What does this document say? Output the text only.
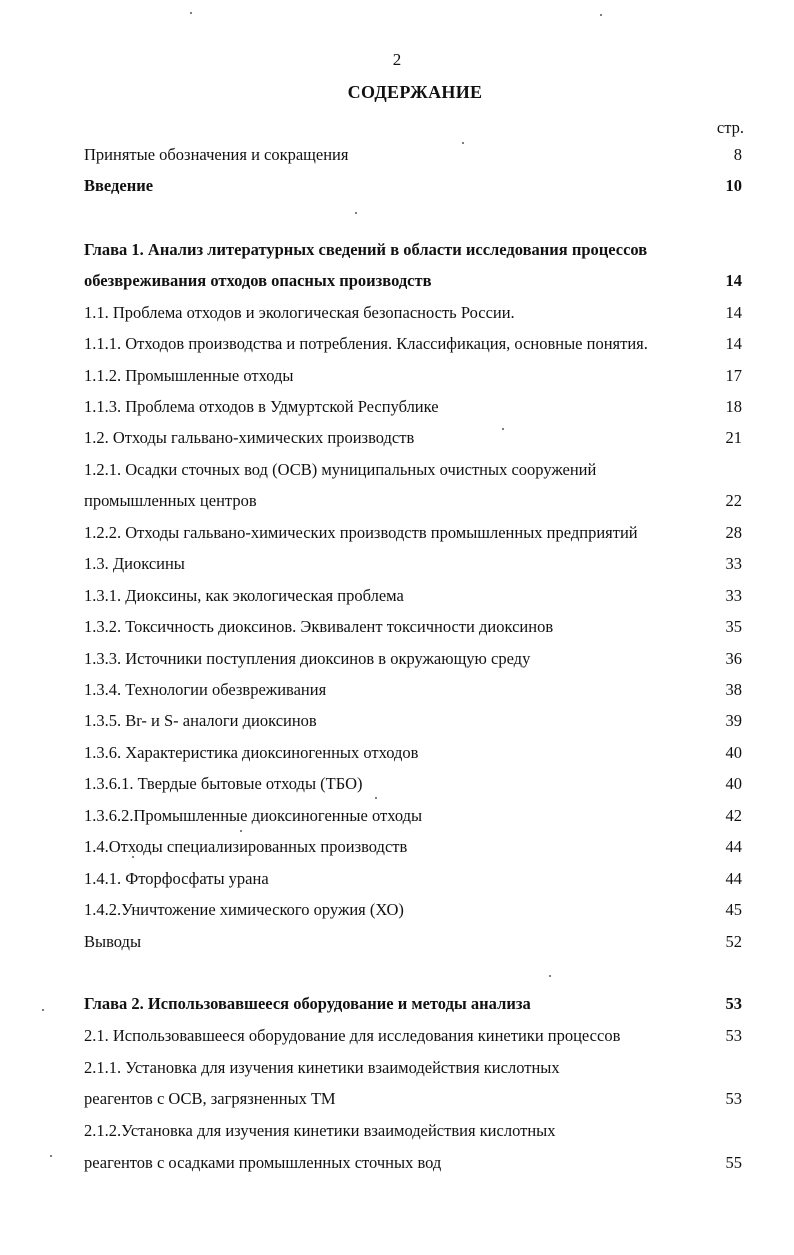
2
СОДЕРЖАНИЕ
стр.
Принятые обозначения и сокращения	8
Введение	10
Глава 1. Анализ литературных сведений в области исследования процессов
обезвреживания отходов опасных производств	14
1.1. Проблема отходов и экологическая безопасность России.	14
1.1.1. Отходов производства и потребления. Классификация, основные понятия.	14
1.1.2. Промышленные отходы	17
1.1.3. Проблема отходов в Удмуртской Республике	18
1.2. Отходы гальвано-химических производств	21
1.2.1. Осадки сточных вод (ОСВ) муниципальных очистных сооружений
промышленных центров	22
1.2.2. Отходы гальвано-химических производств промышленных предприятий	28
1.3. Диоксины	33
1.3.1. Диоксины, как экологическая проблема	33
1.3.2. Токсичность диоксинов. Эквивалент токсичности диоксинов	35
1.3.3. Источники поступления диоксинов в окружающую среду	36
1.3.4. Технологии обезвреживания	38
1.3.5. Br- и S- аналоги диоксинов	39
1.3.6. Характеристика диоксиногенных отходов	40
1.3.6.1. Твердые бытовые отходы (ТБО)	40
1.3.6.2.Промышленные диоксиногенные отходы	42
1.4.Отходы специализированных производств	44
1.4.1. Фторфосфаты урана	44
1.4.2.Уничтожение химического оружия (ХО)	45
Выводы	52
Глава 2. Использовавшееся оборудование и методы анализа	53
2.1. Использовавшееся оборудование для исследования кинетики процессов	53
2.1.1. Установка для изучения кинетики взаимодействия кислотных
реагентов с ОСВ, загрязненных ТМ	53
2.1.2.Установка для изучения кинетики взаимодействия кислотных
реагентов с осадками промышленных сточных вод	55
